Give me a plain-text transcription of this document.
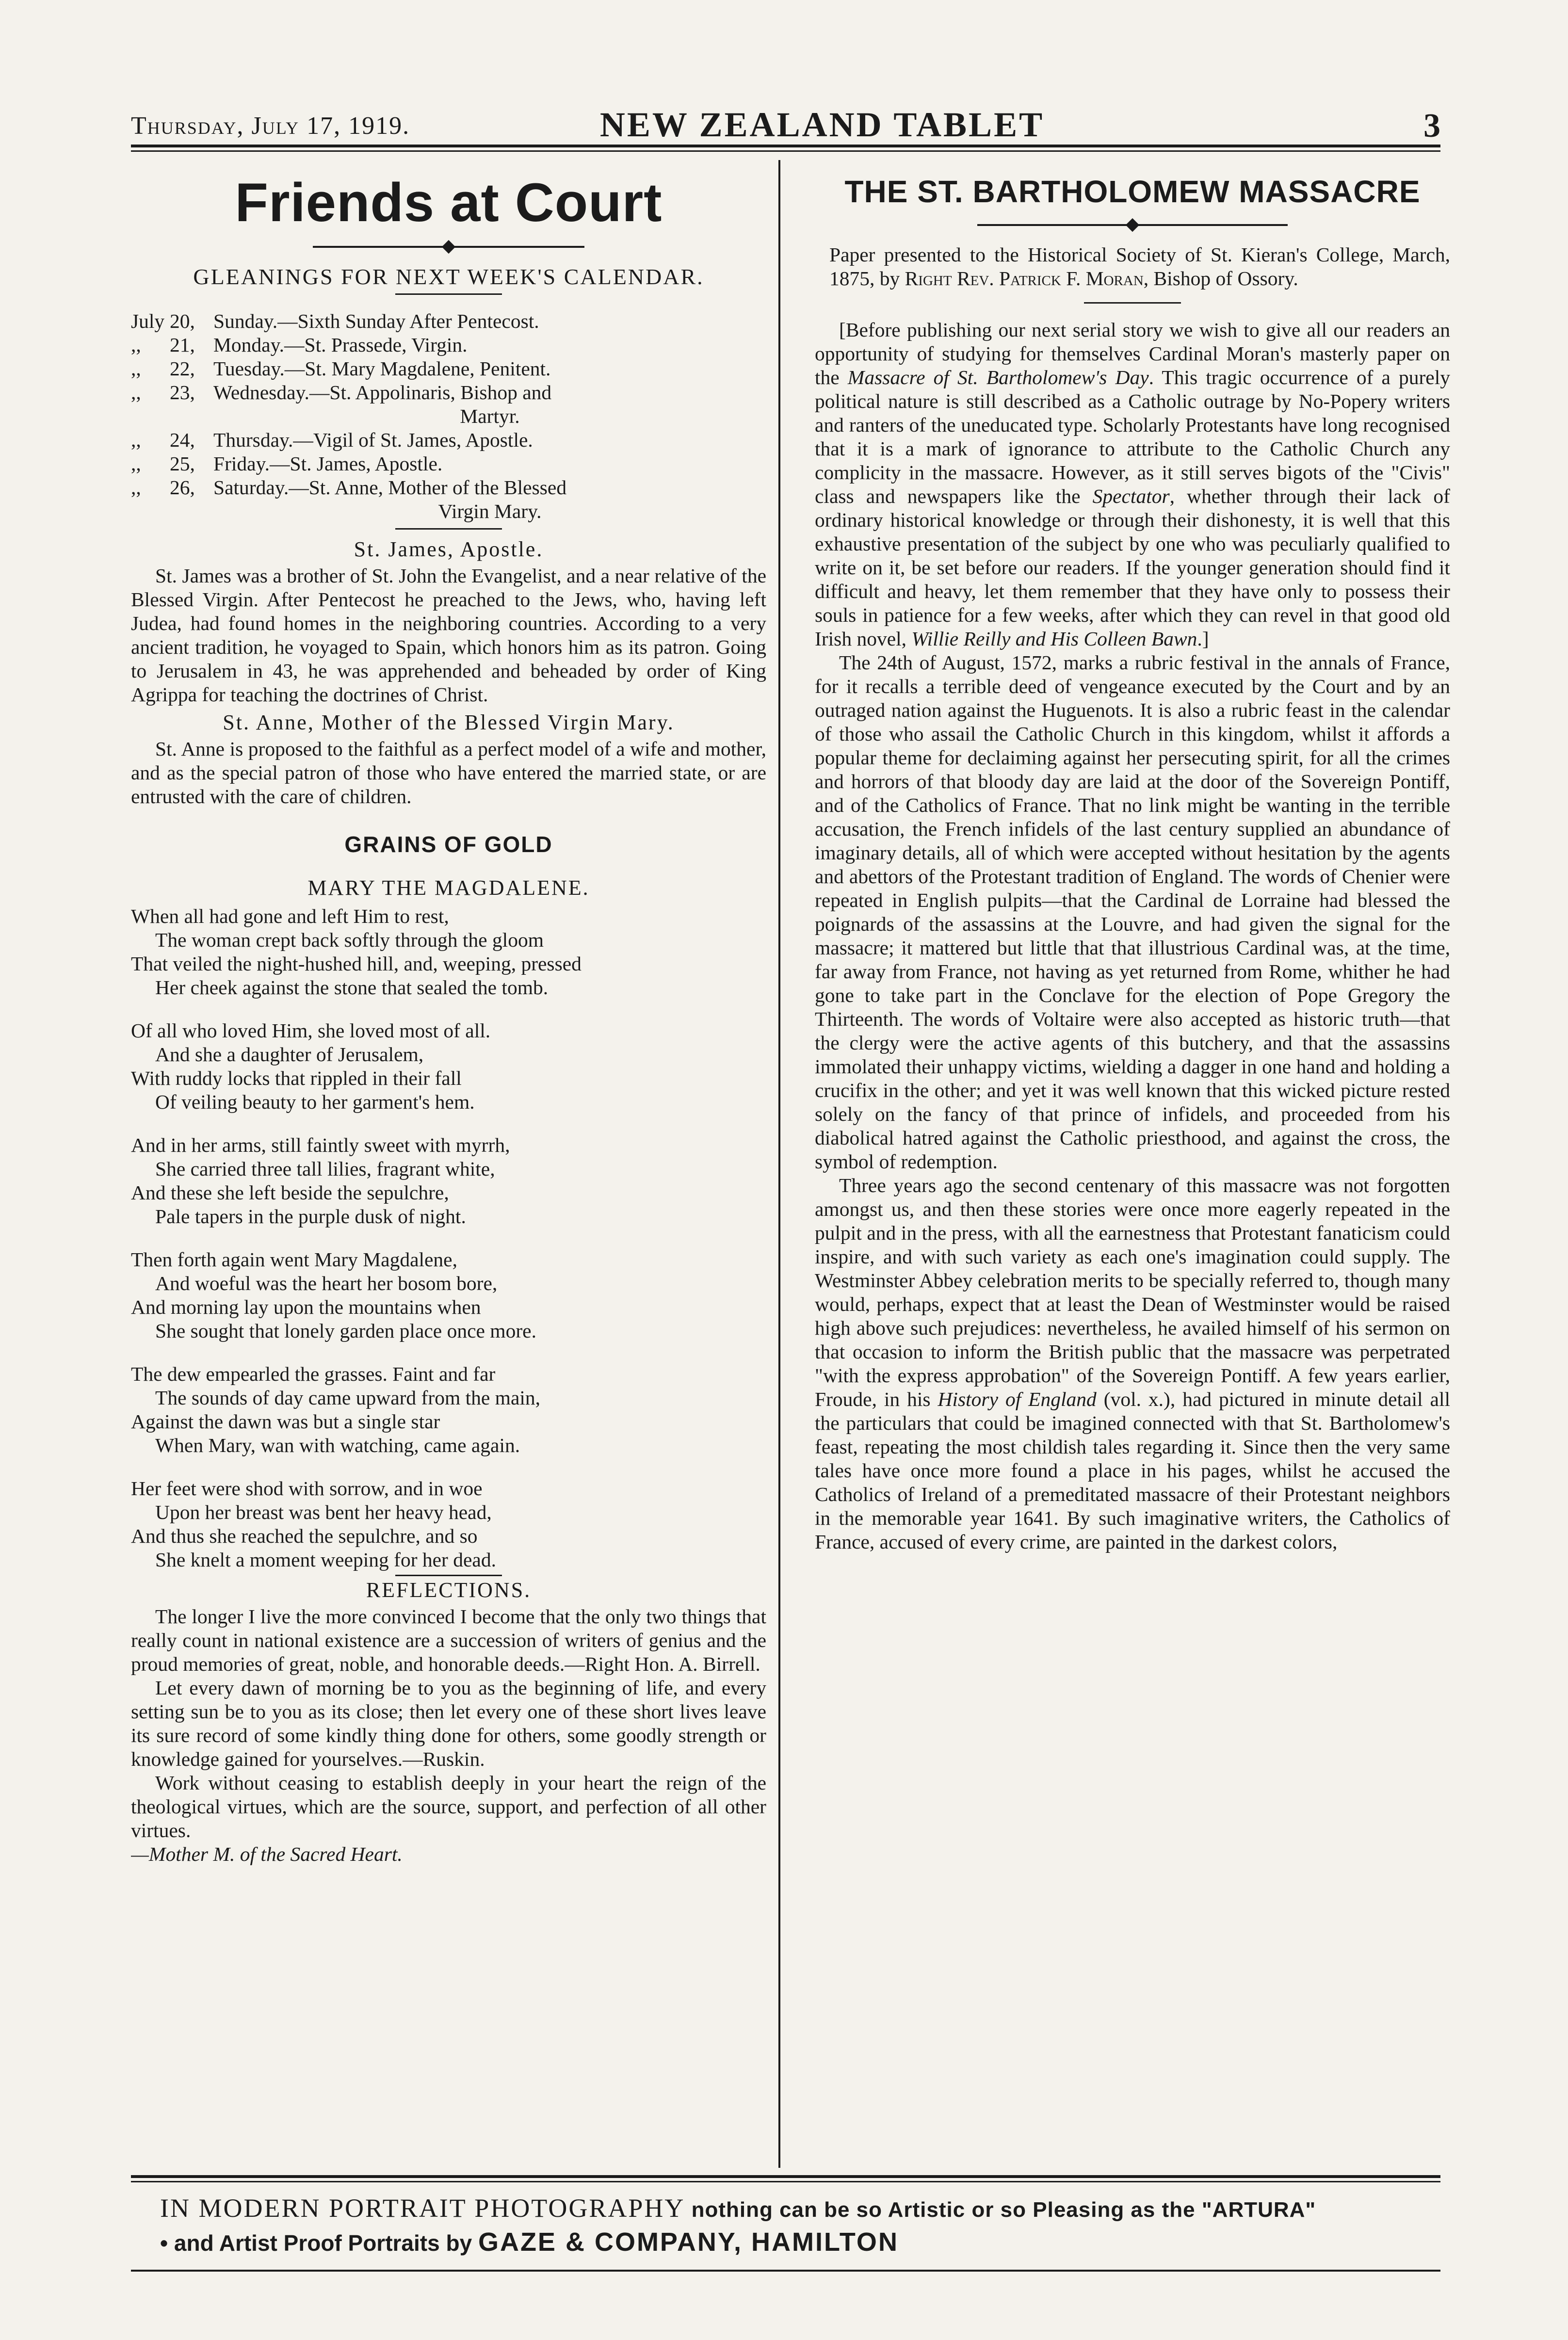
Thursday, July 17, 1919.	NEW ZEALAND TABLET	3
Friends at Court
GLEANINGS FOR NEXT WEEK'S CALENDAR.
July 20, Sunday.—Sixth Sunday After Pentecost.
,,	21, Monday.—St. Prassede, Virgin.
,,	22, Tuesday.—St. Mary Magdalene, Penitent.
,,	23, Wednesday.—St. Appolinaris, Bishop and
Martyr.
,,	24, Thursday.—Vigil of St. James, Apostle.
,,	25, Friday.—St. James, Apostle.
,,	26, Saturday.—St. Anne, Mother of the Blessed
Virgin Mary.
St. James, Apostle.

St. James was a brother of St. John the Evangelist, and a near relative of the Blessed Virgin. After Pentecost he preached to the Jews, who, having left Judea, had found homes in the neighboring countries. According to a very ancient tradition, he voyaged to Spain, which honors him as its patron. Going to Jerusalem in 43, he was apprehended and beheaded by order of King Agrippa for teaching the doctrines of Christ.

St. Anne, Mother of the Blessed Virgin Mary.

St. Anne is proposed to the faithful as a perfect model of a wife and mother, and as the special patron of those who have entered the married state, or are entrusted with the care of children.

GRAINS OF GOLD
MARY THE MAGDALENE.
When all had gone and left Him to rest,
The woman crept back softly through the gloom
That veiled the night-hushed hill, and, weeping, pressed
Her cheek against the stone that sealed the tomb.
Of all who loved Him, she loved most of all.
And she a daughter of Jerusalem,
With ruddy locks that rippled in their fall
Of veiling beauty to her garment's hem.
And in her arms, still faintly sweet with myrrh,
She carried three tall lilies, fragrant white,
And these she left beside the sepulchre,
Pale tapers in the purple dusk of night.
Then forth again went Mary Magdalene,
And woeful was the heart her bosom bore,
And morning lay upon the mountains when
She sought that lonely garden place once more.
The dew empearled the grasses. Faint and far
The sounds of day came upward from the main,
Against the dawn was but a single star
When Mary, wan with watching, came again.
Her feet were shod with sorrow, and in woe
Upon her breast was bent her heavy head,
And thus she reached the sepulchre, and so
She knelt a moment weeping for her dead.
REFLECTIONS.

The longer I live the more convinced I become that the only two things that really count in national existence are a succession of writers of genius and the proud memories of great, noble, and honorable deeds.—Right Hon. A. Birrell.

Let every dawn of morning be to you as the beginning of life, and every setting sun be to you as its close; then let every one of these short lives leave its sure record of some kindly thing done for others, some goodly strength or knowledge gained for yourselves.—Ruskin.

Work without ceasing to establish deeply in your heart the reign of the theological virtues, which are the source, support, and perfection of all other virtues.
—Mother M. of the Sacred Heart.

THE ST. BARTHOLOMEW MASSACRE

Paper presented to the Historical Society of St. Kieran's College, March, 1875, by Right Rev. Patrick F. Moran, Bishop of Ossory.

[Before publishing our next serial story we wish to give all our readers an opportunity of studying for themselves Cardinal Moran's masterly paper on the Massacre of St. Bartholomew's Day. This tragic occurrence of a purely political nature is still described as a Catholic outrage by No-Popery writers and ranters of the uneducated type. Scholarly Protestants have long recognised that it is a mark of ignorance to attribute to the Catholic Church any complicity in the massacre. However, as it still serves bigots of the "Civis" class and newspapers like the Spectator, whether through their lack of ordinary historical knowledge or through their dishonesty, it is well that this exhaustive presentation of the subject by one who was peculiarly qualified to write on it, be set before our readers. If the younger generation should find it difficult and heavy, let them remember that they have only to possess their souls in patience for a few weeks, after which they can revel in that good old Irish novel, Willie Reilly and His Colleen Bawn.]

The 24th of August, 1572, marks a rubric festival in the annals of France, for it recalls a terrible deed of vengeance executed by the Court and by an outraged nation against the Huguenots. It is also a rubric feast in the calendar of those who assail the Catholic Church in this kingdom, whilst it affords a popular theme for declaiming against her persecuting spirit, for all the crimes and horrors of that bloody day are laid at the door of the Sovereign Pontiff, and of the Catholics of France. That no link might be wanting in the terrible accusation, the French infidels of the last century supplied an abundance of imaginary details, all of which were accepted without hesitation by the agents and abettors of the Protestant tradition of England. The words of Chenier were repeated in English pulpits—that the Cardinal de Lorraine had blessed the poignards of the assassins at the Louvre, and had given the signal for the massacre; it mattered but little that that illustrious Cardinal was, at the time, far away from France, not having as yet returned from Rome, whither he had gone to take part in the Conclave for the election of Pope Gregory the Thirteenth. The words of Voltaire were also accepted as historic truth—that the clergy were the active agents of this butchery, and that the assassins immolated their unhappy victims, wielding a dagger in one hand and holding a crucifix in the other; and yet it was well known that this wicked picture rested solely on the fancy of that prince of infidels, and proceeded from his diabolical hatred against the Catholic priesthood, and against the cross, the symbol of redemption.

Three years ago the second centenary of this massacre was not forgotten amongst us, and then these stories were once more eagerly repeated in the pulpit and in the press, with all the earnestness that Protestant fanaticism could inspire, and with such variety as each one's imagination could supply. The Westminster Abbey celebration merits to be specially referred to, though many would, perhaps, expect that at least the Dean of Westminster would be raised high above such prejudices: nevertheless, he availed himself of his sermon on that occasion to inform the British public that the massacre was perpetrated "with the express approbation" of the Sovereign Pontiff. A few years earlier, Froude, in his History of England (vol. x.), had pictured in minute detail all the particulars that could be imagined connected with that St. Bartholomew's feast, repeating the most childish tales regarding it. Since then the very same tales have once more found a place in his pages, whilst he accused the Catholics of Ireland of a premeditated massacre of their Protestant neighbors in the memorable year 1641. By such imaginative writers, the Catholics of France, accused of every crime, are painted in the darkest colors,

IN MODERN PORTRAIT PHOTOGRAPHY nothing can be so Artistic or so Pleasing as the "ARTURA"
• and Artist Proof Portraits by GAZE & COMPANY, HAMILTON
